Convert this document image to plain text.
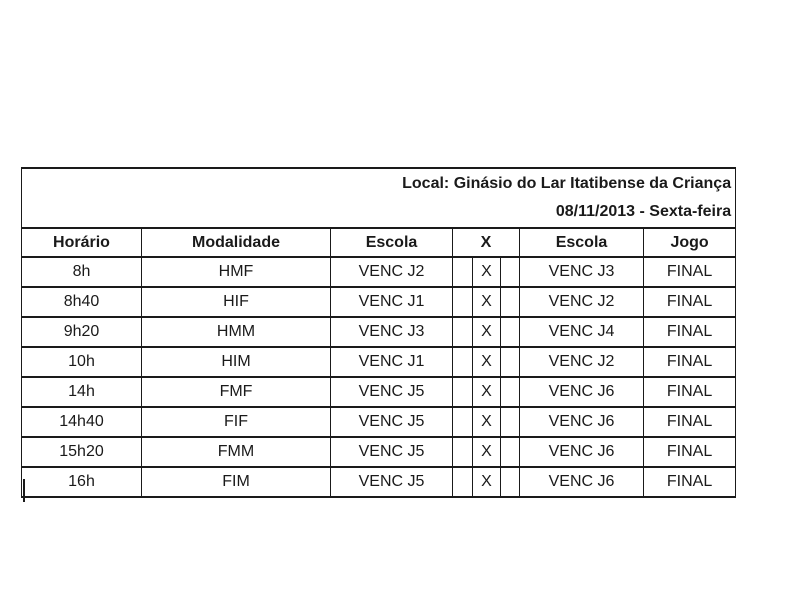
Local: Ginásio do Lar Itatibense da Criança
08/11/2013 - Sexta-feira							

Horário	Modalidade	Escola	X			Escola	Jogo
8h	HMF	VENC J2		X		VENC J3	FINAL
8h40	HIF	VENC J1		X		VENC J2	FINAL
9h20	HMM	VENC J3		X		VENC J4	FINAL
10h	HIM	VENC J1		X		VENC J2	FINAL
14h	FMF	VENC J5		X		VENC J6	FINAL
14h40	FIF	VENC J5		X		VENC J6	FINAL
15h20	FMM	VENC J5		X		VENC J6	FINAL
16h	FIM	VENC J5		X		VENC J6	FINAL
